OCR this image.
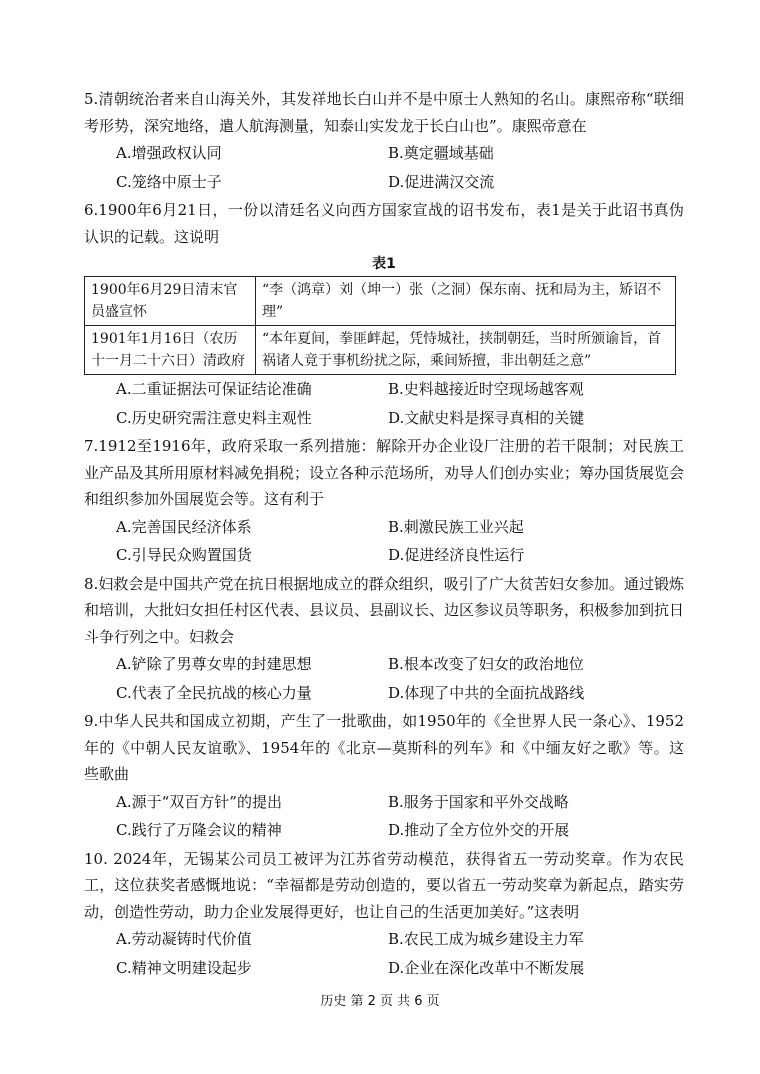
5.清朝统治者来自山海关外，其发祥地长白山并不是中原士人熟知的名山。康熙帝称“联细考形势，深究地络，遣人航海测量，知泰山实发龙于长白山也”。康熙帝意在

A.增强政权认同	B.奠定疆域基础
C.笼络中原士子	D.促进满汉交流

6.1900年6月21日，一份以清廷名义向西方国家宣战的诏书发布，表1是关于此诏书真伪认识的记载。这说明

表1

1900年6月29日清末官员盛宣怀	“李（鸿章）刘（坤一）张（之洞）保东南、抚和局为主，矫诏不理”
1901年1月16日（农历十一月二十六日）清政府	“本年夏间，拳匪衅起，凭恃城社，挟制朝廷，当时所颁谕旨，首祸诸人竟于事机纷扰之际，乘间矫擅，非出朝廷之意”
A.二重证据法可保证结论准确	B.史料越接近时空现场越客观
C.历史研究需注意史料主观性	D.文献史料是探寻真相的关键

7.1912至1916年，政府采取一系列措施：解除开办企业设厂注册的若干限制；对民族工业产品及其所用原材料减免捐税；设立各种示范场所，劝导人们创办实业；筹办国货展览会和组织参加外国展览会等。这有利于

A.完善国民经济体系	B.刺激民族工业兴起
C.引导民众购置国货	D.促进经济良性运行

8.妇救会是中国共产党在抗日根据地成立的群众组织，吸引了广大贫苦妇女参加。通过锻炼和培训，大批妇女担任村区代表、县议员、县副议长、边区参议员等职务，积极参加到抗日斗争行列之中。妇救会

A.铲除了男尊女卑的封建思想	B.根本改变了妇女的政治地位
C.代表了全民抗战的核心力量	D.体现了中共的全面抗战路线

9.中华人民共和国成立初期，产生了一批歌曲，如1950年的《全世界人民一条心》、1952年的《中朝人民友谊歌》、1954年的《北京—莫斯科的列车》和《中缅友好之歌》等。这些歌曲

A.源于“双百方针”的提出	B.服务于国家和平外交战略
C.践行了万隆会议的精神	D.推动了全方位外交的开展

10. 2024年，无锡某公司员工被评为江苏省劳动模范，获得省五一劳动奖章。作为农民工，这位获奖者感慨地说：“幸福都是劳动创造的，要以省五一劳动奖章为新起点，踏实劳动，创造性劳动，助力企业发展得更好，也让自己的生活更加美好。”这表明

A.劳动凝铸时代价值	B.农民工成为城乡建设主力军
C.精神文明建设起步	D.企业在深化改革中不断发展
历史 第 2 页 共 6 页
